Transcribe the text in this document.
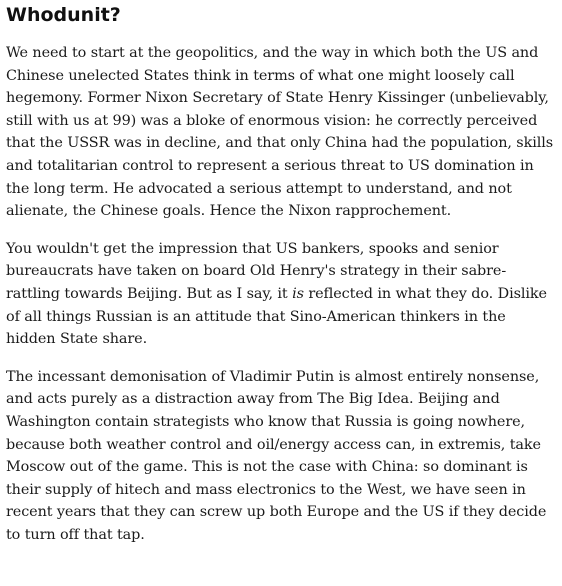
Whodunit?

We need to start at the geopolitics, and the way in which both the US and Chinese unelected States think in terms of what one might loosely call hegemony. Former Nixon Secretary of State Henry Kissinger (unbelievably, still with us at 99) was a bloke of enormous vision: he correctly perceived that the USSR was in decline, and that only China had the population, skills and totalitarian control to represent a serious threat to US domination in the long term. He advocated a serious attempt to understand, and not alienate, the Chinese goals. Hence the Nixon rapprochement.

You wouldn't get the impression that US bankers, spooks and senior bureaucrats have taken on board Old Henry's strategy in their sabre-rattling towards Beijing. But as I say, it is reflected in what they do. Dislike of all things Russian is an attitude that Sino-American thinkers in the hidden State share.

The incessant demonisation of Vladimir Putin is almost entirely nonsense, and acts purely as a distraction away from The Big Idea. Beijing and Washington contain strategists who know that Russia is going nowhere, because both weather control and oil/energy access can, in extremis, take Moscow out of the game. This is not the case with China: so dominant is their supply of hitech and mass electronics to the West, we have seen in recent years that they can screw up both Europe and the US if they decide to turn off that tap.
